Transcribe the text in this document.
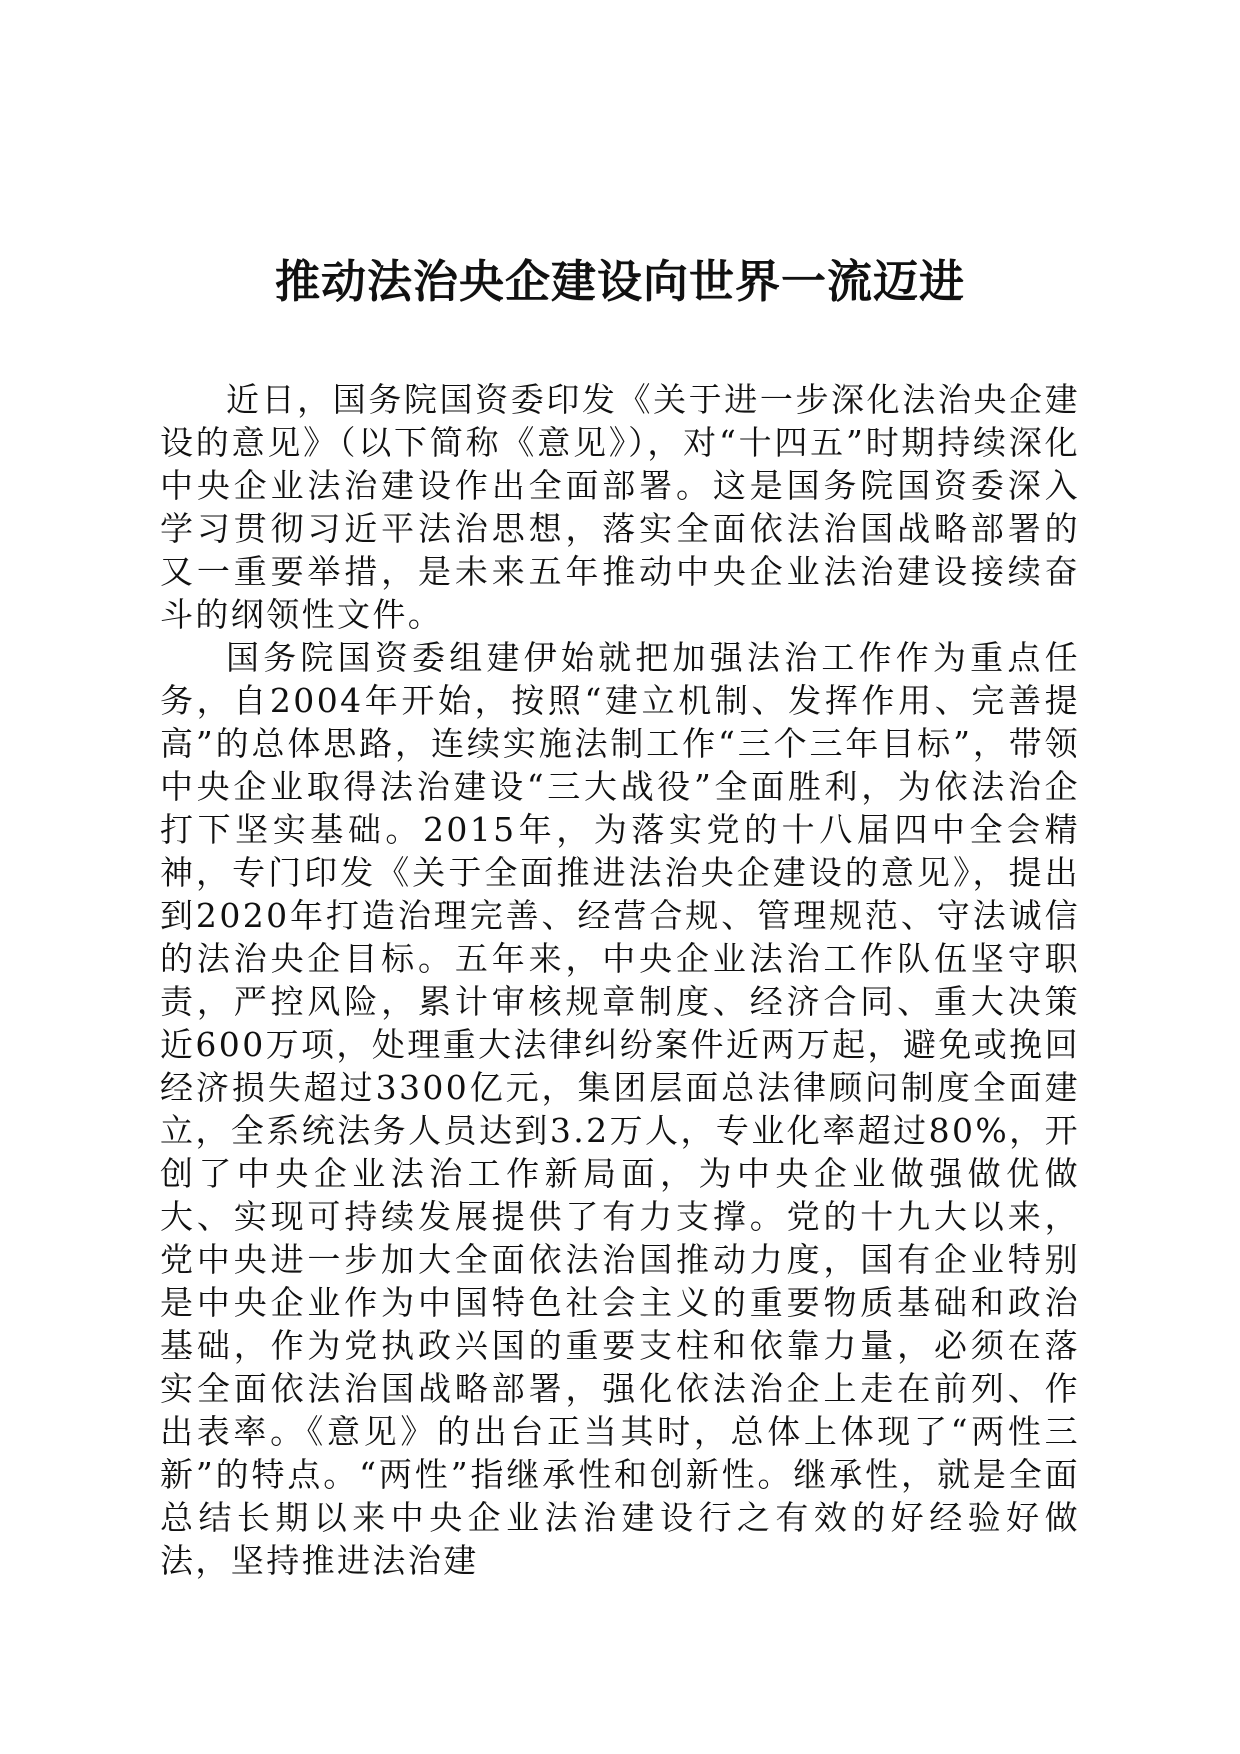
推动法治央企建设向世界一流迈进

近日，国务院国资委印发《关于进一步深化法治央企建设的意见》（以下简称《意见》），对“十四五”时期持续深化中央企业法治建设作出全面部署。这是国务院国资委深入学习贯彻习近平法治思想，落实全面依法治国战略部署的又一重要举措，是未来五年推动中央企业法治建设接续奋斗的纲领性文件。

国务院国资委组建伊始就把加强法治工作作为重点任务，自2004年开始，按照“建立机制、发挥作用、完善提高”的总体思路，连续实施法制工作“三个三年目标”，带领中央企业取得法治建设“三大战役”全面胜利，为依法治企打下坚实基础。2015年，为落实党的十八届四中全会精神，专门印发《关于全面推进法治央企建设的意见》，提出到2020年打造治理完善、经营合规、管理规范、守法诚信的法治央企目标。五年来，中央企业法治工作队伍坚守职责，严控风险，累计审核规章制度、经济合同、重大决策近600万项，处理重大法律纠纷案件近两万起，避免或挽回经济损失超过3300亿元，集团层面总法律顾问制度全面建立，全系统法务人员达到3.2万人，专业化率超过80%，开创了中央企业法治工作新局面，为中央企业做强做优做大、实现可持续发展提供了有力支撑。党的十九大以来，党中央进一步加大全面依法治国推动力度，国有企业特别是中央企业作为中国特色社会主义的重要物质基础和政治基础，作为党执政兴国的重要支柱和依靠力量，必须在落实全面依法治国战略部署，强化依法治企上走在前列、作出表率。《意见》的出台正当其时，总体上体现了“两性三新”的特点。“两性”指继承性和创新性。继承性，就是全面总结长期以来中央企业法治建设行之有效的好经验好做法，坚持推进法治建
